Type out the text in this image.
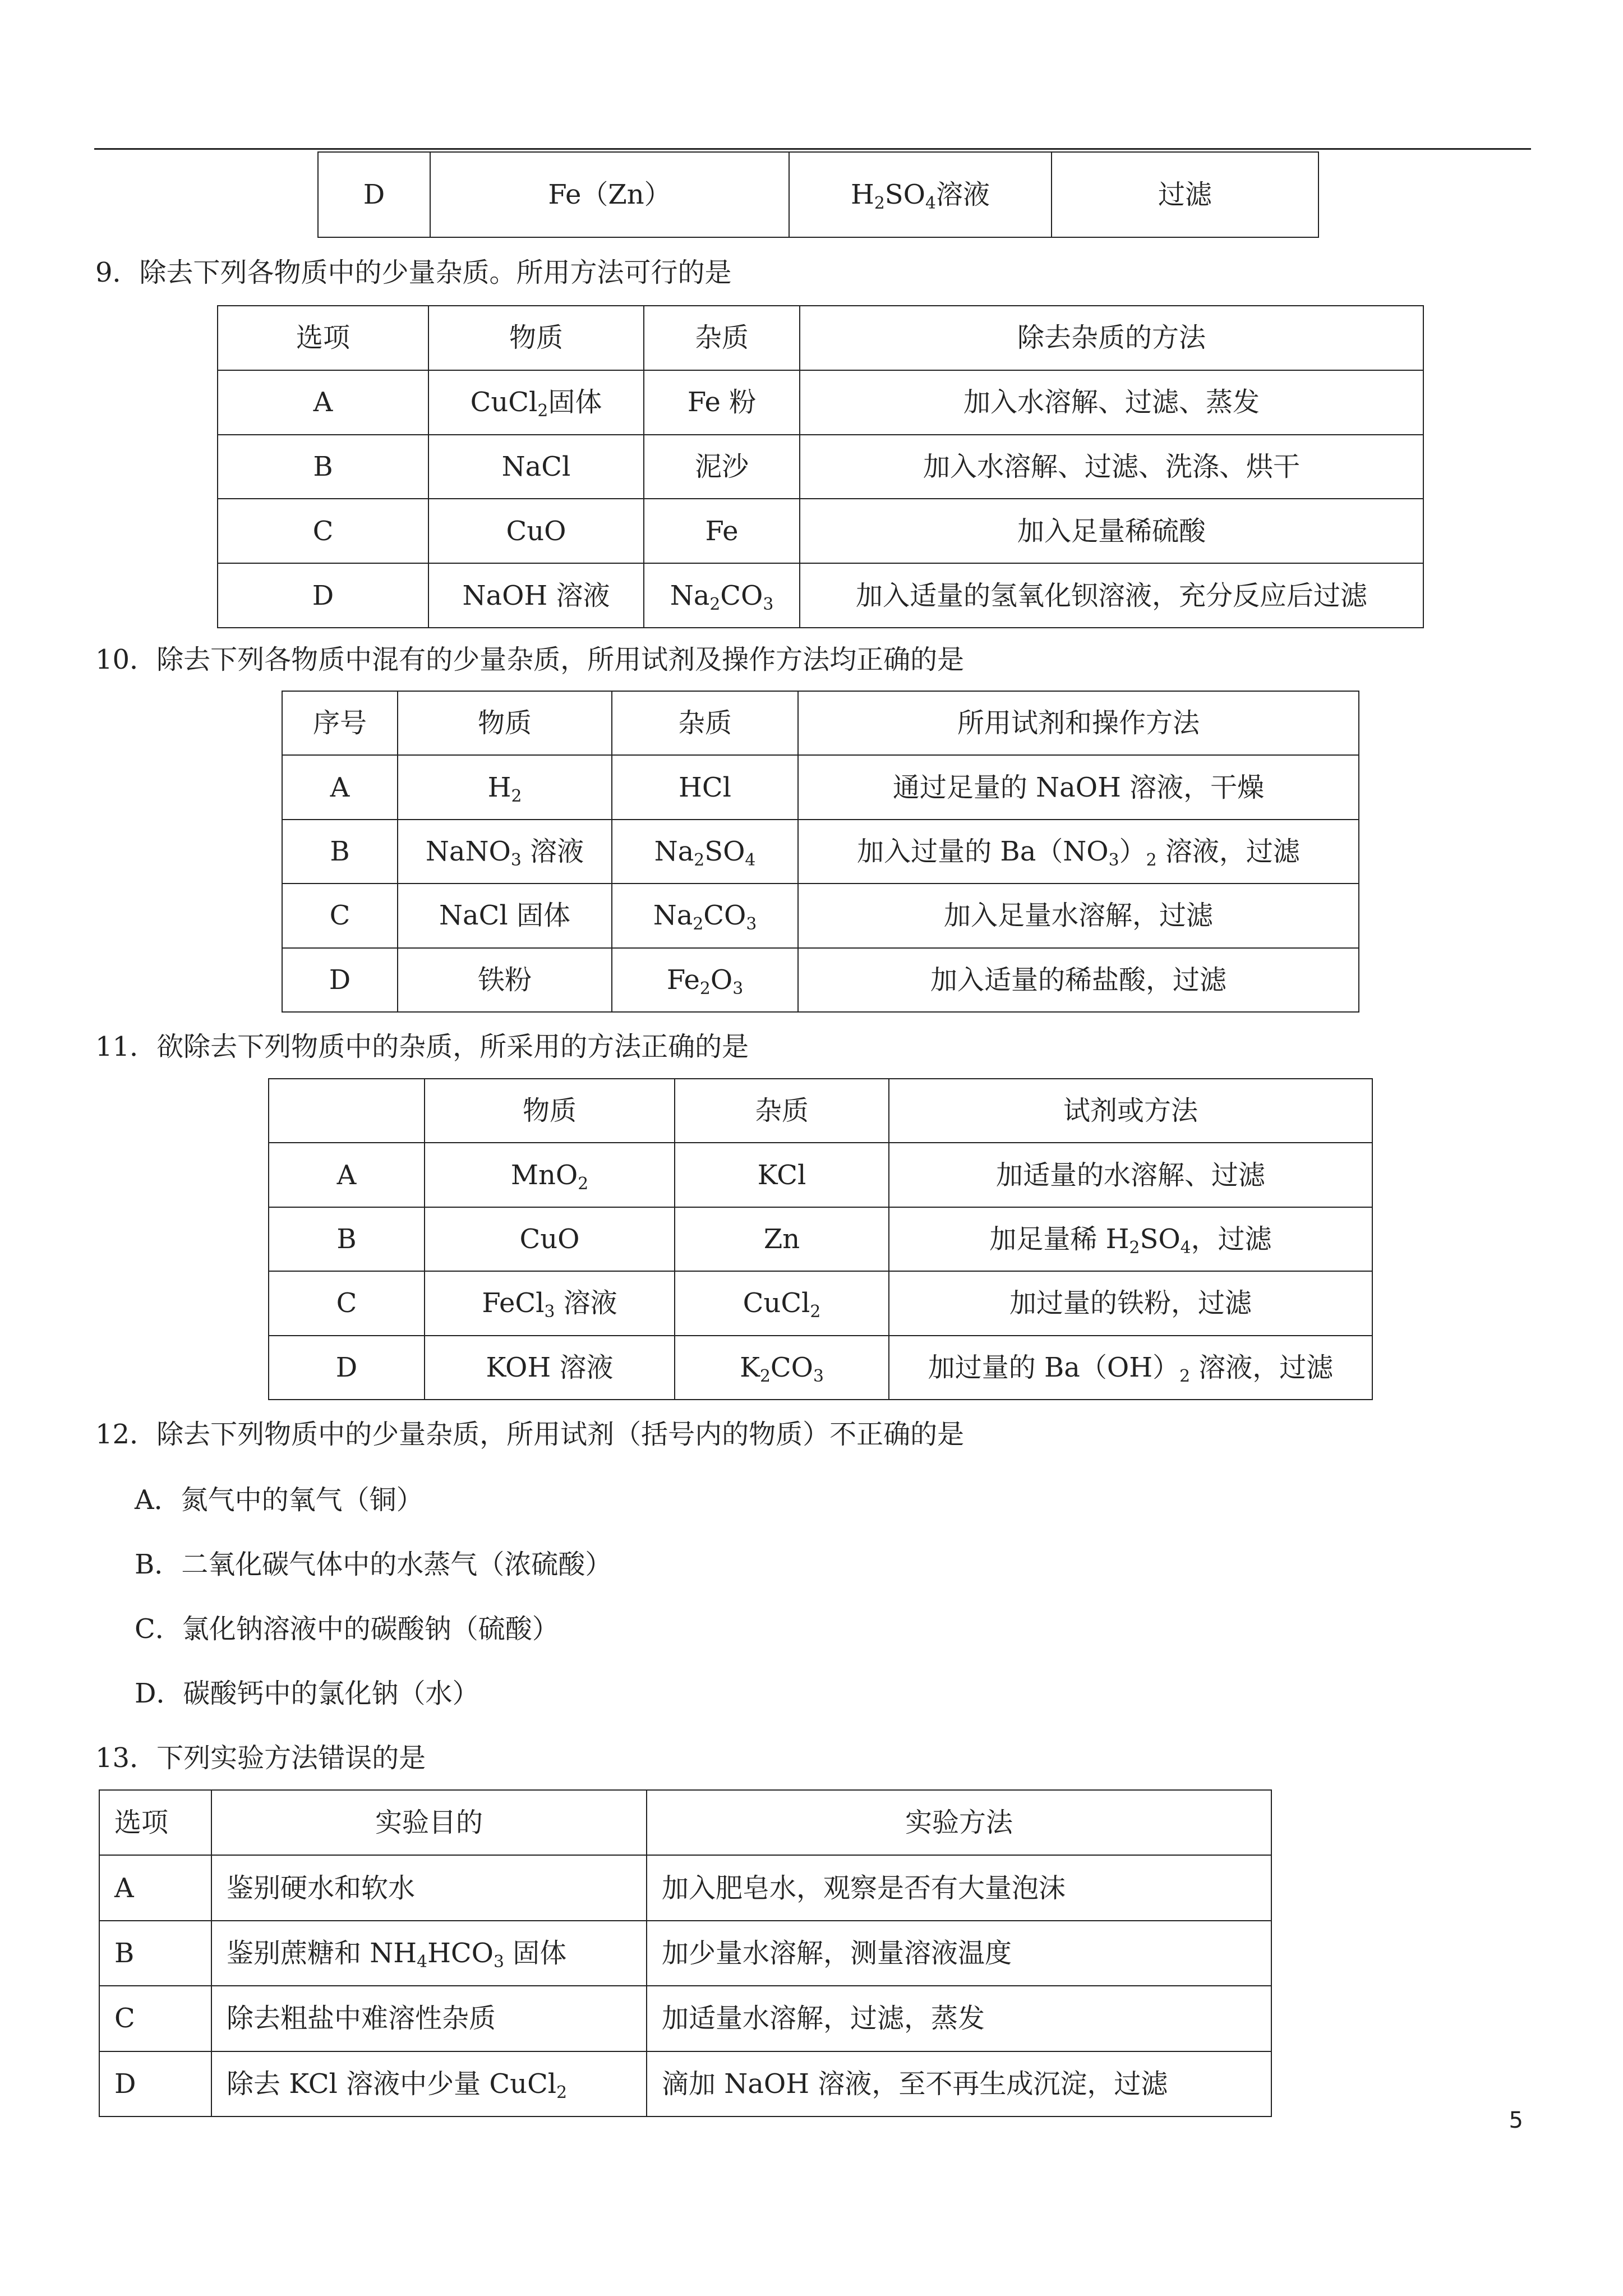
D	Fe（Zn）	$H_2SO_4$溶液	过滤
9．除去下列各物质中的少量杂质。所用方法可行的是
选项	物质	杂质	除去杂质的方法
A	CuCl$_2$固体	Fe 粉	加入水溶解、过滤、蒸发
B	NaCl	泥沙	加入水溶解、过滤、洗涤、烘干
C	CuO	Fe	加入足量稀硫酸
D	NaOH 溶液	$Na_2CO_3$	加入适量的氢氧化钡溶液，充分反应后过滤
10．除去下列各物质中混有的少量杂质，所用试剂及操作方法均正确的是
序号	物质	杂质	所用试剂和操作方法
A	$H_2$	HCl	通过足量的 NaOH 溶液，干燥
B	NaNO$_3$ 溶液	$Na_2SO_4$	加入过量的 $Ba(NO_3)_2$ 溶液，过滤
C	NaCl 固体	$Na_2CO_3$	加入足量水溶解，过滤
D	铁粉	$Fe_2O_3$	加入适量的稀盐酸，过滤
11．欲除去下列物质中的杂质，所采用的方法正确的是
	物质	杂质	试剂或方法
A	MnO$_2$	KCl	加适量的水溶解、过滤
B	CuO	Zn	加足量稀 $H_2SO_4$，过滤
C	FeCl$_3$ 溶液	CuCl$_2$	加过量的铁粉，过滤
D	KOH 溶液	$K_2CO_3$	加过量的 $Ba(OH)_2$ 溶液，过滤
12．除去下列物质中的少量杂质，所用试剂（括号内的物质）不正确的是
A．氮气中的氧气（铜）
B．二氧化碳气体中的水蒸气（浓硫酸）
C．氯化钠溶液中的碳酸钠（硫酸）
D．碳酸钙中的氯化钠（水）
13．下列实验方法错误的是
选项	实验目的	实验方法
A	鉴别硬水和软水	加入肥皂水，观察是否有大量泡沫
B	鉴别蔗糖和 $NH_4HCO_3$ 固体	加少量水溶解，测量溶液温度
C	除去粗盐中难溶性杂质	加适量水溶解，过滤，蒸发
D	除去 KCl 溶液中少量 CuCl$_2$	滴加 NaOH 溶液，至不再生成沉淀，过滤
5
